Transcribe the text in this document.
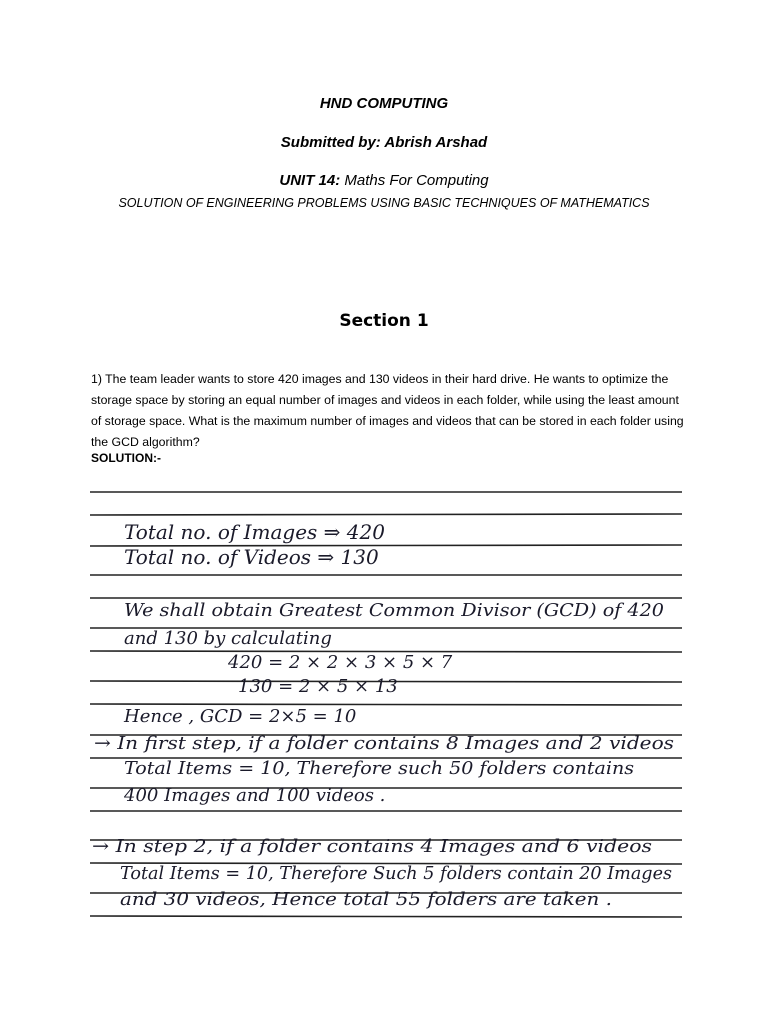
HND COMPUTING
Submitted by: Abrish Arshad
UNIT 14: Maths For Computing
SOLUTION OF ENGINEERING PROBLEMS USING BASIC TECHNIQUES OF MATHEMATICS
Section 1
1) The team leader wants to store 420 images and 130 videos in their hard drive. He wants to optimize the storage space by storing an equal number of images and videos in each folder, while using the least amount of storage space. What is the maximum number of images and videos that can be stored in each folder using the GCD algorithm?
SOLUTION:-
Total no. of Images ⇒ 420
Total no. of Videos ⇒ 130
We shall obtain Greatest Common Divisor (GCD) of 420
and 130 by calculating
420 = 2 × 2 × 3 × 5 × 7
130 = 2 × 5 × 13
Hence , GCD = 2×5 = 10
→ In first step, if a folder contains 8 Images and 2 videos
Total Items = 10, Therefore such 50 folders contains
400 Images and 100 videos .
→ In step 2, if a folder contains 4 Images and 6 videos
Total Items = 10, Therefore Such 5 folders contain 20 Images
and 30 videos, Hence total 55 folders are taken .
